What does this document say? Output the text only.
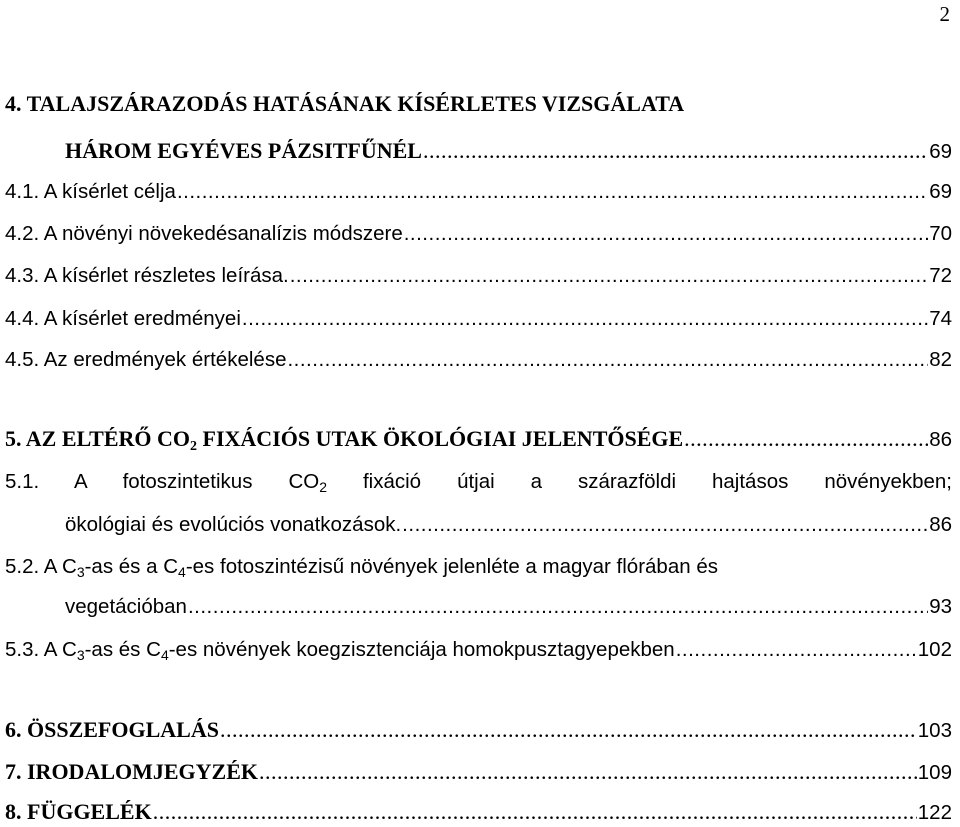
2
4. TALAJSZÁRAZODÁS HATÁSÁNAK KÍSÉRLETES VIZSGÁLATA
HÁROM EGYÉVES PÁZSITFŰNÉL .....	69
4.1. A kísérlet célja .....	69
4.2. A növényi növekedésanalízis módszere .....	70
4.3. A kísérlet részletes leírása. .....	72
4.4. A kísérlet eredményei .....	74
4.5. Az eredmények értékelése .....	82
5. AZ ELTÉRŐ $CO_2$ FIXÁCIÓS UTAK ÖKOLÓGIAI JELENTŐSÉGE .....	86
5.1. A fotoszintetikus $CO_2$ fixáció útjai a szárazföldi hajtásos növényekben;
ökológiai és evolúciós vonatkozások. .....	86
5.2. A $C_3-as$ és a $C_4-es$ fotoszintézisű növények jelenléte a magyar flórában és
vegetációban .....	93
5.3. A $C_3-as$ és $C_4-es$ növények koegzisztenciája homokpusztagyepekben .....	102
6. ÖSSZEFOGLALÁS .....	103
7. IRODALOMJEGYZÉK .....	109
8. FÜGGELÉK .....	122
